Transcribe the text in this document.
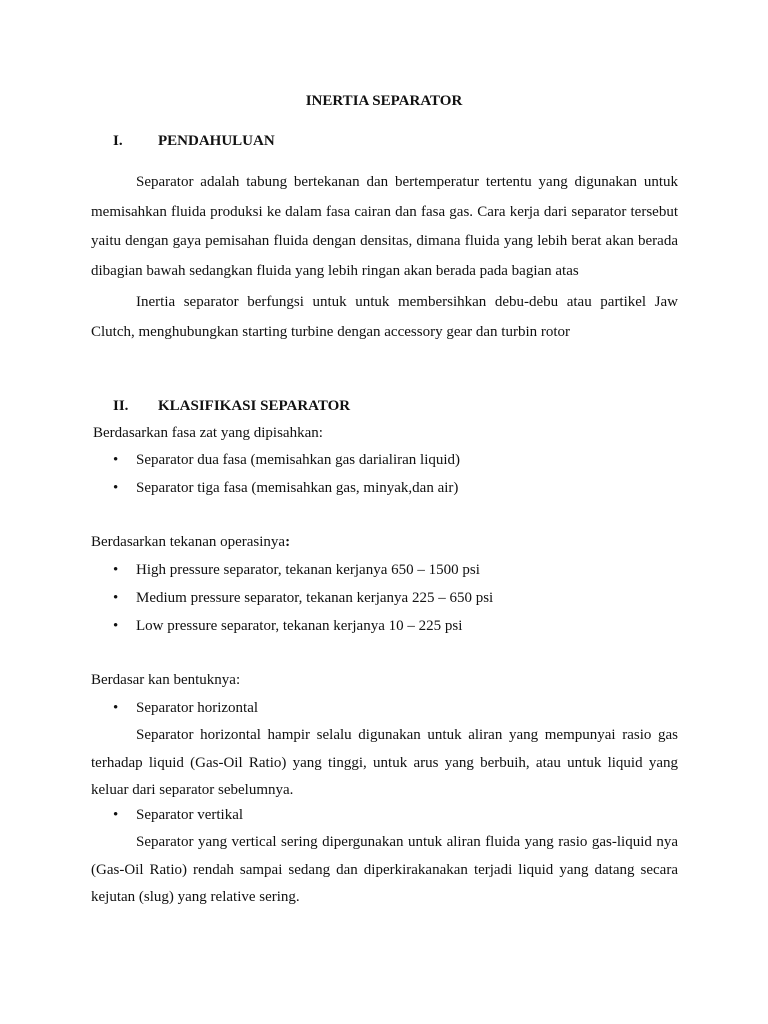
INERTIA SEPARATOR
I. PENDAHULUAN
Separator adalah tabung bertekanan dan bertemperatur tertentu yang digunakan untuk memisahkan fluida produksi ke dalam fasa cairan dan fasa gas. Cara kerja dari separator tersebut yaitu dengan gaya pemisahan fluida dengan densitas, dimana fluida yang lebih berat akan berada dibagian bawah sedangkan fluida yang lebih ringan akan berada pada bagian atas
Inertia separator berfungsi untuk untuk membersihkan debu-debu atau partikel Jaw Clutch, menghubungkan starting turbine dengan accessory gear dan turbin rotor
II. KLASIFIKASI SEPARATOR
Berdasarkan fasa zat yang dipisahkan:
•	Separator dua fasa (memisahkan gas darialiran liquid)
•	Separator tiga fasa (memisahkan gas, minyak,dan air)
Berdasarkan tekanan operasinya:
•	High pressure separator, tekanan kerjanya 650 – 1500 psi
•	Medium pressure separator, tekanan kerjanya 225 – 650 psi
•	Low pressure separator, tekanan kerjanya 10 – 225 psi
Berdasar kan bentuknya:
•	Separator horizontal
Separator horizontal hampir selalu digunakan untuk aliran yang mempunyai rasio gas terhadap liquid (Gas-Oil Ratio) yang tinggi, untuk arus yang berbuih, atau untuk liquid yang keluar dari separator sebelumnya.
•	Separator vertikal
Separator yang vertical sering dipergunakan untuk aliran fluida yang rasio gas-liquid nya (Gas-Oil Ratio) rendah sampai sedang dan diperkirakanakan terjadi liquid yang datang secara kejutan (slug) yang relative sering.
